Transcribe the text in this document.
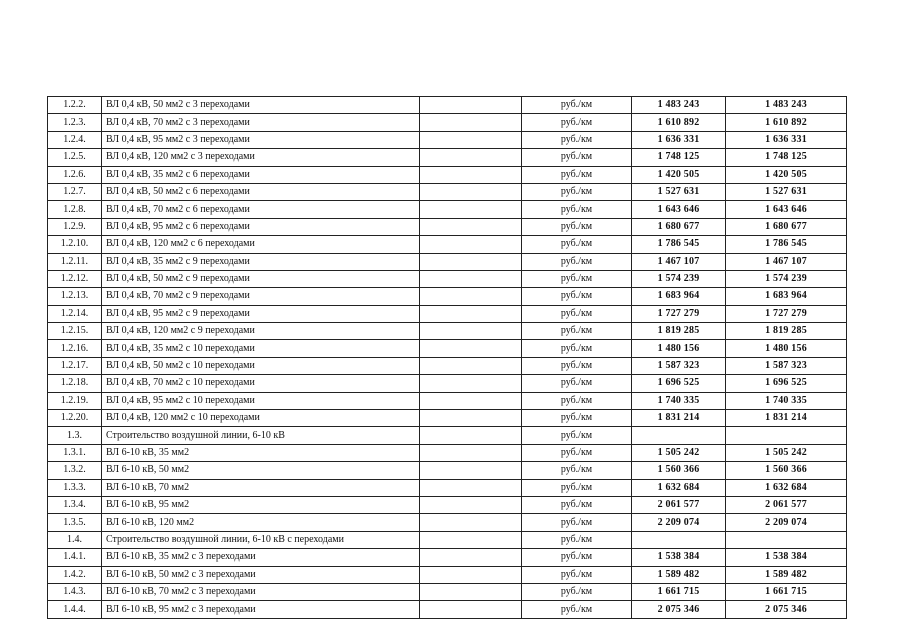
1.2.2.	ВЛ 0,4 кВ, 50 мм2 с 3 переходами		руб./км	1 483 243	1 483 243
1.2.3.	ВЛ 0,4 кВ, 70 мм2 с 3 переходами		руб./км	1 610 892	1 610 892
1.2.4.	ВЛ 0,4 кВ, 95 мм2 с 3 переходами		руб./км	1 636 331	1 636 331
1.2.5.	ВЛ 0,4 кВ, 120 мм2 с 3 переходами		руб./км	1 748 125	1 748 125
1.2.6.	ВЛ 0,4 кВ, 35 мм2 с 6 переходами		руб./км	1 420 505	1 420 505
1.2.7.	ВЛ 0,4 кВ, 50 мм2 с 6 переходами		руб./км	1 527 631	1 527 631
1.2.8.	ВЛ 0,4 кВ, 70 мм2 с 6 переходами		руб./км	1 643 646	1 643 646
1.2.9.	ВЛ 0,4 кВ, 95 мм2 с 6 переходами		руб./км	1 680 677	1 680 677
1.2.10.	ВЛ 0,4 кВ, 120 мм2 с 6 переходами		руб./км	1 786 545	1 786 545
1.2.11.	ВЛ 0,4 кВ, 35 мм2 с 9 переходами		руб./км	1 467 107	1 467 107
1.2.12.	ВЛ 0,4 кВ, 50 мм2 с 9 переходами		руб./км	1 574 239	1 574 239
1.2.13.	ВЛ 0,4 кВ, 70 мм2 с 9 переходами		руб./км	1 683 964	1 683 964
1.2.14.	ВЛ 0,4 кВ, 95 мм2 с 9 переходами		руб./км	1 727 279	1 727 279
1.2.15.	ВЛ 0,4 кВ, 120 мм2 с 9 переходами		руб./км	1 819 285	1 819 285
1.2.16.	ВЛ 0,4 кВ, 35 мм2 с 10 переходами		руб./км	1 480 156	1 480 156
1.2.17.	ВЛ 0,4 кВ, 50 мм2 с 10 переходами		руб./км	1 587 323	1 587 323
1.2.18.	ВЛ 0,4 кВ, 70 мм2 с 10 переходами		руб./км	1 696 525	1 696 525
1.2.19.	ВЛ 0,4 кВ, 95 мм2 с 10 переходами		руб./км	1 740 335	1 740 335
1.2.20.	ВЛ 0,4 кВ, 120 мм2 с 10 переходами		руб./км	1 831 214	1 831 214
1.3.	Строительство воздушной линии, 6-10 кВ		руб./км		
1.3.1.	ВЛ 6-10 кВ, 35 мм2		руб./км	1 505 242	1 505 242
1.3.2.	ВЛ 6-10 кВ, 50 мм2		руб./км	1 560 366	1 560 366
1.3.3.	ВЛ 6-10 кВ, 70 мм2		руб./км	1 632 684	1 632 684
1.3.4.	ВЛ 6-10 кВ, 95 мм2		руб./км	2 061 577	2 061 577
1.3.5.	ВЛ 6-10 кВ, 120 мм2		руб./км	2 209 074	2 209 074
1.4.	Строительство воздушной линии, 6-10 кВ с переходами		руб./км		
1.4.1.	ВЛ 6-10 кВ, 35 мм2 с 3 переходами		руб./км	1 538 384	1 538 384
1.4.2.	ВЛ 6-10 кВ, 50 мм2 с 3 переходами		руб./км	1 589 482	1 589 482
1.4.3.	ВЛ 6-10 кВ, 70 мм2 с 3 переходами		руб./км	1 661 715	1 661 715
1.4.4.	ВЛ 6-10 кВ, 95 мм2 с 3 переходами		руб./км	2 075 346	2 075 346
